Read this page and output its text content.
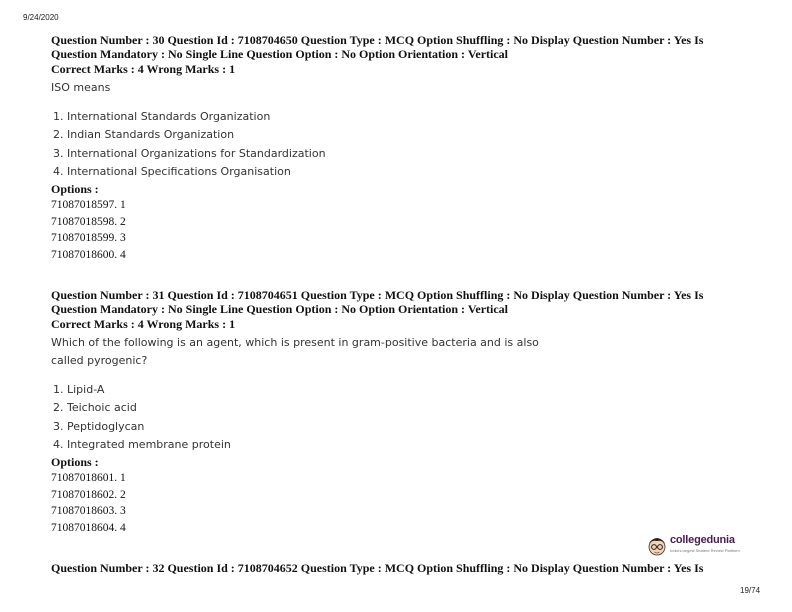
9/24/2020
Question Number : 30 Question Id : 7108704650 Question Type : MCQ Option Shuffling : No Display Question Number : Yes Is
Question Mandatory : No Single Line Question Option : No Option Orientation : Vertical
Correct Marks : 4 Wrong Marks : 1
ISO means
1. International Standards Organization
2. Indian Standards Organization
3. International Organizations for Standardization
4. International Specifications Organisation
Options :
71087018597. 1
71087018598. 2
71087018599. 3
71087018600. 4
Question Number : 31 Question Id : 7108704651 Question Type : MCQ Option Shuffling : No Display Question Number : Yes Is
Question Mandatory : No Single Line Question Option : No Option Orientation : Vertical
Correct Marks : 4 Wrong Marks : 1
Which of the following is an agent, which is present in gram-positive bacteria and is also called pyrogenic?
1. Lipid-A
2. Teichoic acid
3. Peptidoglycan
4. Integrated membrane protein
Options :
71087018601. 1
71087018602. 2
71087018603. 3
71087018604. 4
Question Number : 32 Question Id : 7108704652 Question Type : MCQ Option Shuffling : No Display Question Number : Yes Is
collegedunia
India's largest Student Review Platform
19/74
